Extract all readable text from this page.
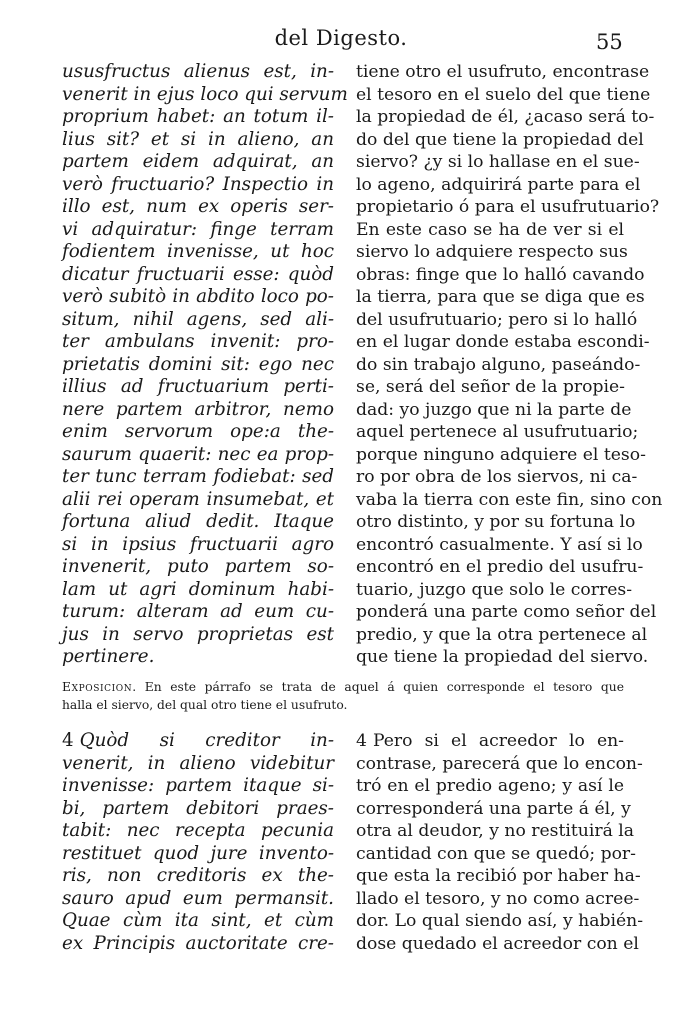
del Digesto.	55
ususfructus alienus est, in-
venerit in ejus loco qui servum
proprium habet: an totum il-
lius sit? et si in alieno, an
partem eidem adquirat, an
verò fructuario? Inspectio in
illo est, num ex operis ser-
vi adquiratur: finge terram
fodientem invenisse, ut hoc
dicatur fructuarii esse: quòd
verò subitò in abdito loco po-
situm, nihil agens, sed ali-
ter ambulans invenit: pro-
prietatis domini sit: ego nec
illius ad fructuarium perti-
nere partem arbitror, nemo
enim servorum ope:a the-
saurum quaerit: nec ea prop-
ter tunc terram fodiebat: sed
alii rei operam insumebat, et
fortuna aliud dedit. Itaque
si in ipsius fructuarii agro
invenerit, puto partem so-
lam ut agri dominum habi-
turum: alteram ad eum cu-
jus in servo proprietas est
pertinere.
tiene otro el usufruto, encontrase
el tesoro en el suelo del que tiene
la propiedad de él, ¿acaso será to-
do del que tiene la propiedad del
siervo? ¿y si lo hallase en el sue-
lo ageno, adquirirá parte para el
propietario ó para el usufrutuario?
En este caso se ha de ver si el
siervo lo adquiere respecto sus
obras: finge que lo halló cavando
la tierra, para que se diga que es
del usufrutuario; pero si lo halló
en el lugar donde estaba escondi-
do sin trabajo alguno, paseándo-
se, será del señor de la propie-
dad: yo juzgo que ni la parte de
aquel pertenece al usufrutuario;
porque ninguno adquiere el teso-
ro por obra de los siervos, ni ca-
vaba la tierra con este fin, sino con
otro distinto, y por su fortuna lo
encontró casualmente. Y así si lo
encontró en el predio del usufru-
tuario, juzgo que solo le corres-
ponderá una parte como señor del
predio, y que la otra pertenece al
que tiene la propiedad del siervo.
Exposicion. En este párrafo se trata de aquel á quien corresponde el tesoro que
halla el siervo, del qual otro tiene el usufruto.
4 Quòd si creditor in-
venerit, in alieno videbitur
invenisse: partem itaque si-
bi, partem debitori praes-
tabit: nec recepta pecunia
restituet quod jure invento-
ris, non creditoris ex the-
sauro apud eum permansit.
Quae cùm ita sint, et cùm
ex Principis auctoritate cre-
4 Pero si el acreedor lo en-
contrase, parecerá que lo encon-
tró en el predio ageno; y así le
corresponderá una parte á él, y
otra al deudor, y no restituirá la
cantidad con que se quedó; por-
que esta la recibió por haber ha-
llado el tesoro, y no como acree-
dor. Lo qual siendo así, y habién-
dose quedado el acreedor con el
